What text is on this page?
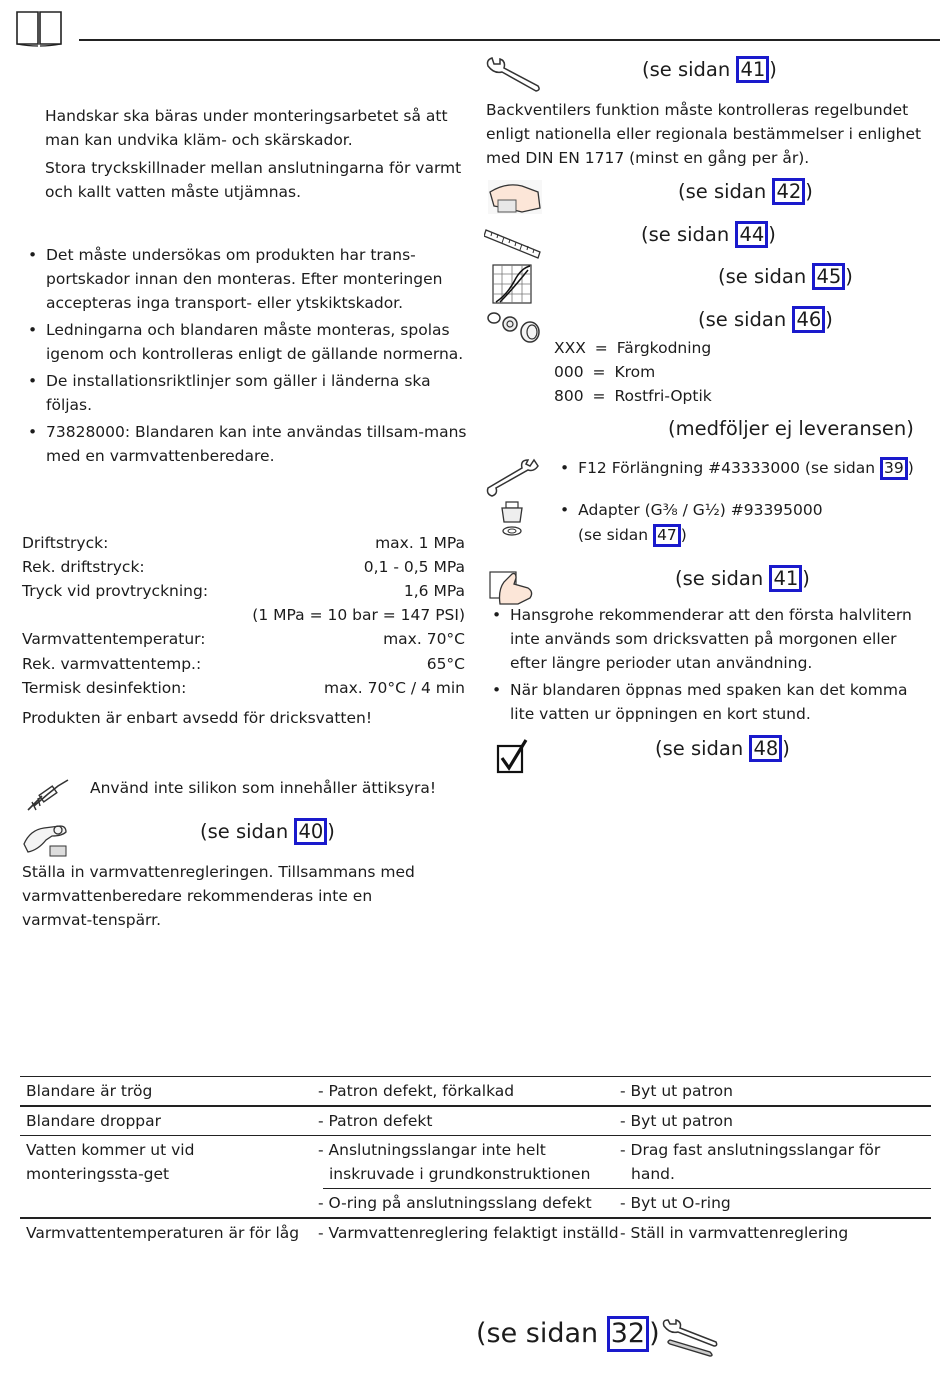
Handskar ska bäras under monteringsarbetet så att man kan undvika kläm- och skärskador.
Stora tryckskillnader mellan anslutningarna för varmt och kallt vatten måste utjämnas.
• Det måste undersökas om produkten har trans-portskador innan den monteras. Efter monteringen accepteras inga transport- eller ytskiktskador.
• Ledningarna och blandaren måste monteras, spolas igenom och kontrolleras enligt de gällande normerna.
• De installationsriktlinjer som gäller i länderna ska följas.
• 73828000: Blandaren kan inte användas tillsam-mans med en varmvattenberedare.
Driftstryck:	max. 1 MPa
Rek. driftstryck:	0,1 - 0,5 MPa
Tryck vid provtryckning:	1,6 MPa
(1 MPa = 10 bar = 147 PSI)
Varmvattentemperatur:	max. 70°C
Rek. varmvattentemp.:	65°C
Termisk desinfektion:	max. 70°C / 4 min
Produkten är enbart avsedd för dricksvatten!
Använd inte silikon som innehåller ättiksyra!
(se sidan 40 )
Ställa in varmvattenregleringen. Tillsammans med varmvattenberedare rekommenderas inte en varmvat-tenspärr.
(se sidan 41 )
Backventilers funktion måste kontrolleras regelbundet enligt nationella eller regionala bestämmelser i enlighet med DIN EN 1717 (minst en gång per år).
(se sidan 42 )
(se sidan 44 )
(se sidan 45 )
(se sidan 46 )
XXX = Färgkodning
000 = Krom
800 = Rostfri-Optik
(medföljer ej leveransen)
• F12 Förlängning #43333000 (se sidan 39 )
• Adapter (G³⁄₈ / G½) #93395000
(se sidan 47 )
(se sidan 41 )
• Hansgrohe rekommenderar att den första halvlitern inte används som dricksvatten på morgonen eller efter längre perioder utan användning.
• När blandaren öppnas med spaken kan det komma lite vatten ur öppningen en kort stund.
(se sidan 48 )
Blandare är trög	- Patron defekt, förkalkad	- Byt ut patron
Blandare droppar	- Patron defekt	- Byt ut patron
Vatten kommer ut vid monteringssta-get	- Anslutningsslangar inte helt inskruvade i grundkonstruktionen	- Drag fast anslutningsslangar för hand.
	- O-ring på anslutningsslang defekt	- Byt ut O-ring
Varmvattentemperaturen är för låg	- Varmvattenreglering felaktigt inställd	- Ställ in varmvattenreglering
(se sidan 32 )
